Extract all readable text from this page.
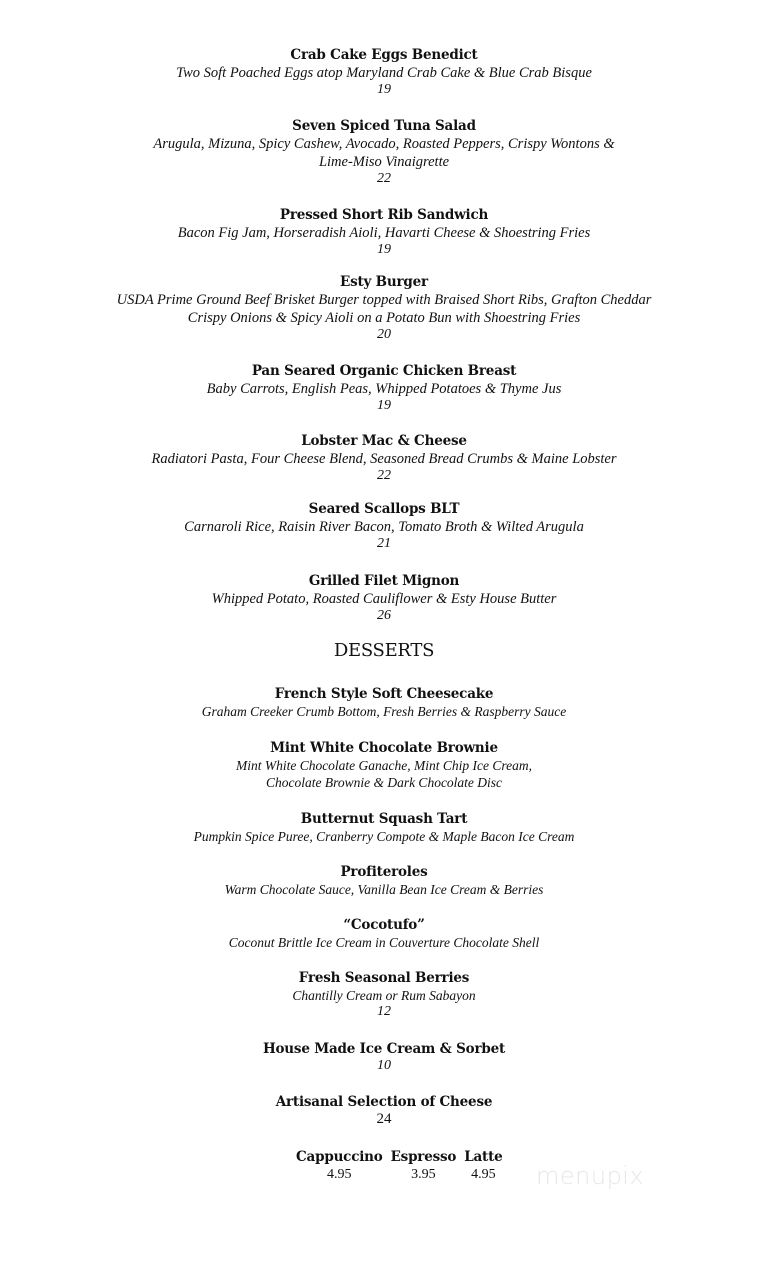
Crab Cake Eggs Benedict
Two Soft Poached Eggs atop Maryland Crab Cake & Blue Crab Bisque
19
Seven Spiced Tuna Salad
Arugula, Mizuna, Spicy Cashew, Avocado, Roasted Peppers, Crispy Wontons &
Lime-Miso Vinaigrette
22
Pressed Short Rib Sandwich
Bacon Fig Jam, Horseradish Aioli, Havarti Cheese & Shoestring Fries
19
Esty Burger
USDA Prime Ground Beef Brisket Burger topped with Braised Short Ribs, Grafton Cheddar
Crispy Onions & Spicy Aioli on a Potato Bun with Shoestring Fries
20
Pan Seared Organic Chicken Breast
Baby Carrots, English Peas, Whipped Potatoes & Thyme Jus
19
Lobster Mac & Cheese
Radiatori Pasta, Four Cheese Blend, Seasoned Bread Crumbs & Maine Lobster
22
Seared Scallops BLT
Carnaroli Rice, Raisin River Bacon, Tomato Broth & Wilted Arugula
21
Grilled Filet Mignon
Whipped Potato, Roasted Cauliflower & Esty House Butter
26
DESSERTS
French Style Soft Cheesecake
Graham Creeker Crumb Bottom, Fresh Berries & Raspberry Sauce
Mint White Chocolate Brownie
Mint White Chocolate Ganache, Mint Chip Ice Cream,
Chocolate Brownie & Dark Chocolate Disc
Butternut Squash Tart
Pumpkin Spice Puree, Cranberry Compote & Maple Bacon Ice Cream
Profiteroles
Warm Chocolate Sauce, Vanilla Bean Ice Cream & Berries
“Cocotufo”
Coconut Brittle Ice Cream in Couverture Chocolate Shell
Fresh Seasonal Berries
Chantilly Cream or Rum Sabayon
12
House Made Ice Cream & Sorbet
10
Artisanal Selection of Cheese
24
Cappuccino
4.95
Espresso
3.95
Latte
4.95 menupix
